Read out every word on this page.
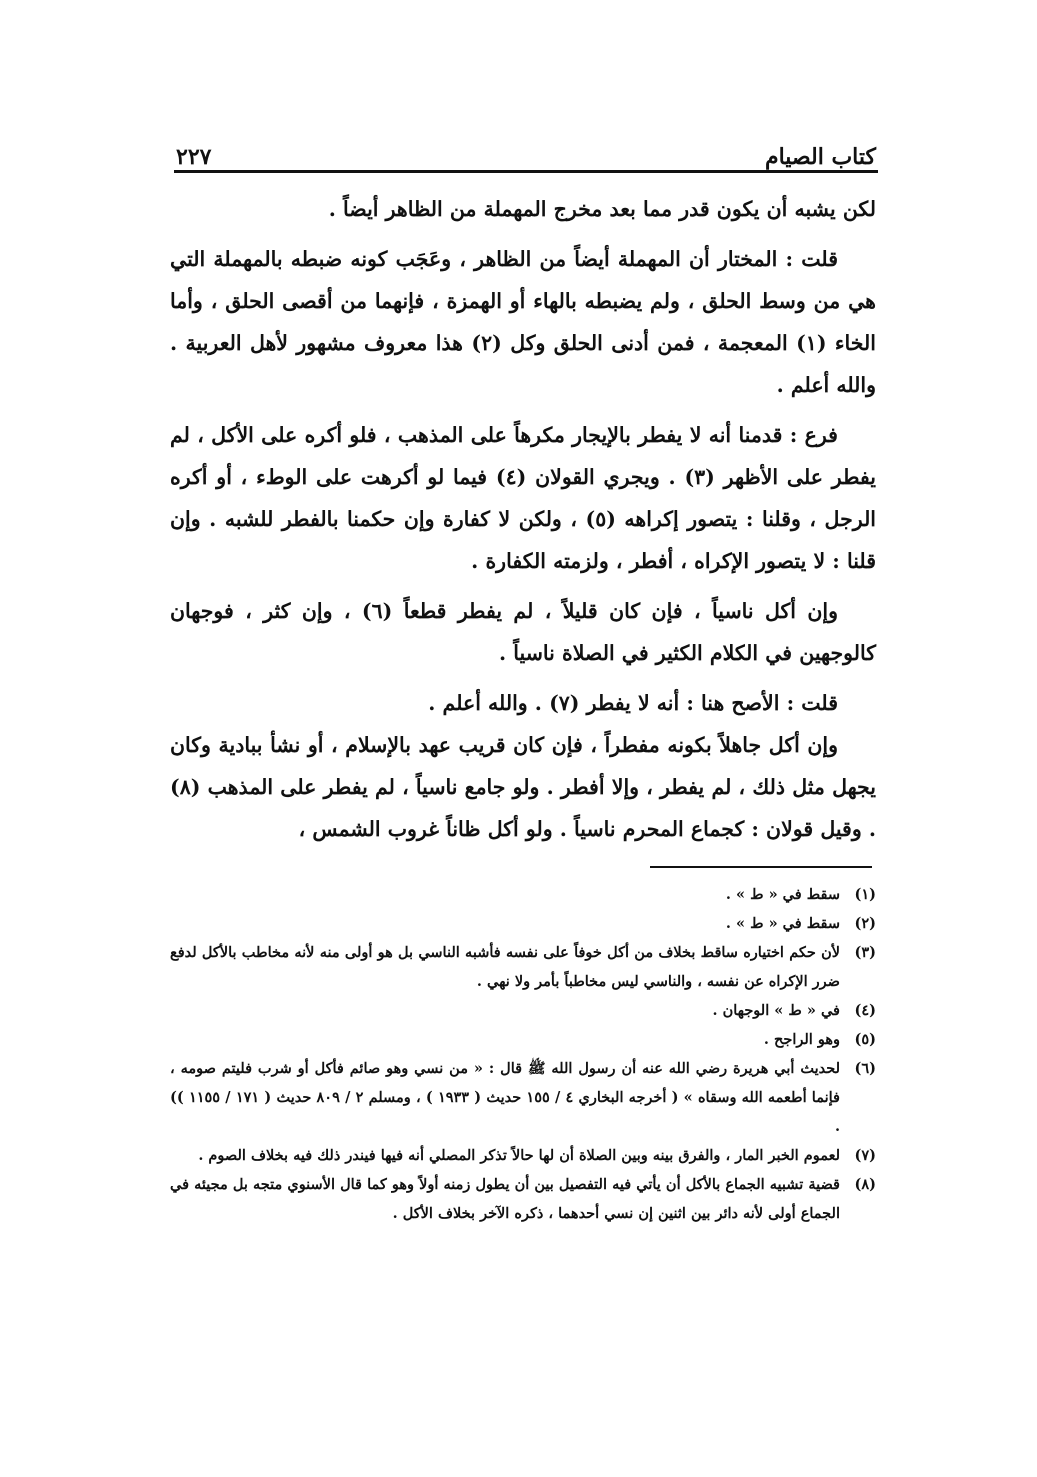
كتاب الصيام
٢٢٧

لكن يشبه أن يكون قدر مما بعد مخرج المهملة من الظاهر أيضاً .

قلت : المختار أن المهملة أيضاً من الظاهر ، وعَجَب كونه ضبطه بالمهملة التي هي من وسط الحلق ، ولم يضبطه بالهاء أو الهمزة ، فإنهما من أقصى الحلق ، وأما الخاء (١) المعجمة ، فمن أدنى الحلق وكل (٢) هذا معروف مشهور لأهل العربية . والله أعلم .

فرع : قدمنا أنه لا يفطر بالإيجار مكرهاً على المذهب ، فلو أكره على الأكل ، لم يفطر على الأظهر (٣) . ويجري القولان (٤) فيما لو أكرهت على الوطء ، أو أكره الرجل ، وقلنا : يتصور إكراهه (٥) ، ولكن لا كفارة وإن حكمنا بالفطر للشبه . وإن قلنا : لا يتصور الإكراه ، أفطر ، ولزمته الكفارة .

وإن أكل ناسياً ، فإن كان قليلاً ، لم يفطر قطعاً (٦) ، وإن كثر ، فوجهان كالوجهين في الكلام الكثير في الصلاة ناسياً .

قلت : الأصح هنا : أنه لا يفطر (٧) . والله أعلم .

وإن أكل جاهلاً بكونه مفطراً ، فإن كان قريب عهد بالإسلام ، أو نشأ ببادية وكان يجهل مثل ذلك ، لم يفطر ، وإلا أفطر . ولو جامع ناسياً ، لم يفطر على المذهب (٨) . وقيل قولان : كجماع المحرم ناسياً . ولو أكل ظاناً غروب الشمس ،

(١)
سقط في « ط » .
(٢)
سقط في « ط » .
(٣)
لأن حكم اختياره ساقط بخلاف من أكل خوفاً على نفسه فأشبه الناسي بل هو أولى منه لأنه مخاطب بالأكل لدفع ضرر الإكراه عن نفسه ، والناسي ليس مخاطباً بأمر ولا نهي .
(٤)
في « ط » الوجهان .
(٥)
وهو الراجح .
(٦)
لحديث أبي هريرة رضي الله عنه أن رسول الله ﷺ قال : « من نسي وهو صائم فأكل أو شرب فليتم صومه ، فإنما أطعمه الله وسقاه » ( أخرجه البخاري ٤ / ١٥٥ حديث ( ١٩٣٣ ) ، ومسلم ٢ / ٨٠٩ حديث ( ١٧١ / ١١٥٥ )) .
(٧)
لعموم الخبر المار ، والفرق بينه وبين الصلاة أن لها حالاً تذكر المصلي أنه فيها فيندر ذلك فيه بخلاف الصوم .
(٨)
قضية تشبيه الجماع بالأكل أن يأتي فيه التفصيل بين أن يطول زمنه أولاً وهو كما قال الأسنوي متجه بل مجيئه في الجماع أولى لأنه دائر بين اثنين إن نسي أحدهما ، ذكره الآخر بخلاف الأكل .
